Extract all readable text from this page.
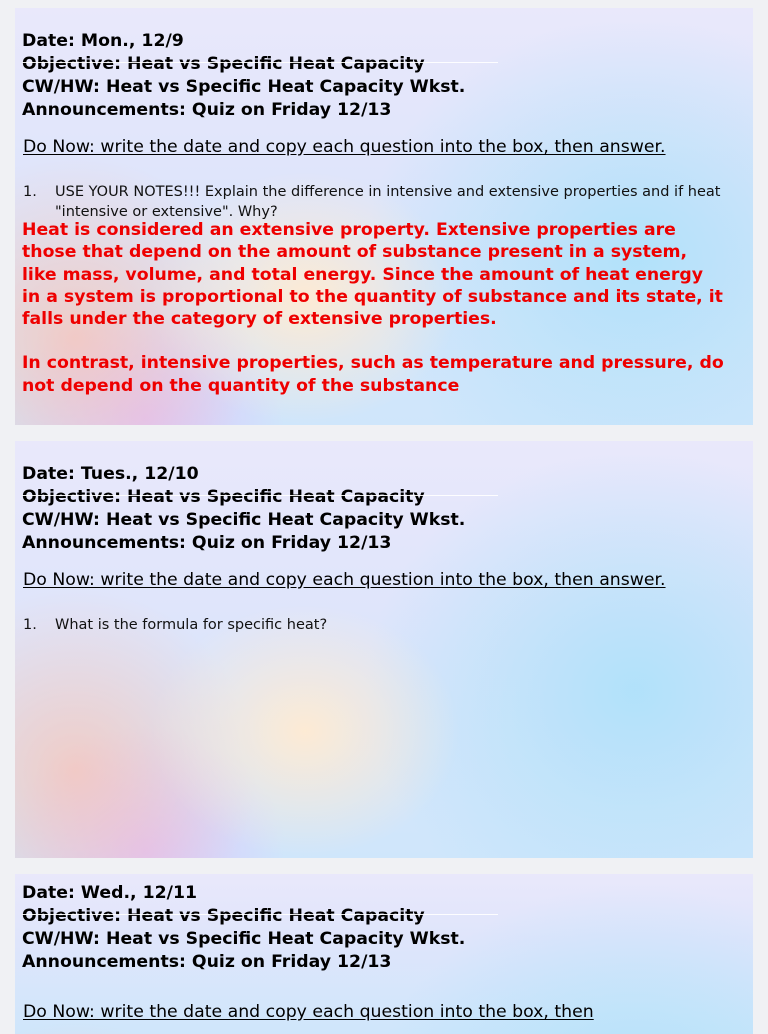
Date: Mon., 12/9
Objective: Heat vs Specific Heat Capacity
CW/HW: Heat vs Specific Heat Capacity Wkst.
Announcements: Quiz on Friday 12/13
Do Now: write the date and copy each question into the box, then answer.
1.	USE YOUR NOTES!!! Explain the difference in intensive and extensive properties and if heat "intensive or extensive". Why?

Heat is considered an extensive property. Extensive properties are those that depend on the amount of substance present in a system, like mass, volume, and total energy. Since the amount of heat energy in a system is proportional to the quantity of substance and its state, it falls under the category of extensive properties.

In contrast, intensive properties, such as temperature and pressure, do not depend on the quantity of the substance

Date: Tues., 12/10
Objective: Heat vs Specific Heat Capacity
CW/HW: Heat vs Specific Heat Capacity Wkst.
Announcements: Quiz on Friday 12/13
Do Now: write the date and copy each question into the box, then answer.
1.	What is the formula for specific heat?
Date: Wed., 12/11
Objective: Heat vs Specific Heat Capacity
CW/HW: Heat vs Specific Heat Capacity Wkst.
Announcements: Quiz on Friday 12/13
Do Now: write the date and copy each question into the box, then
